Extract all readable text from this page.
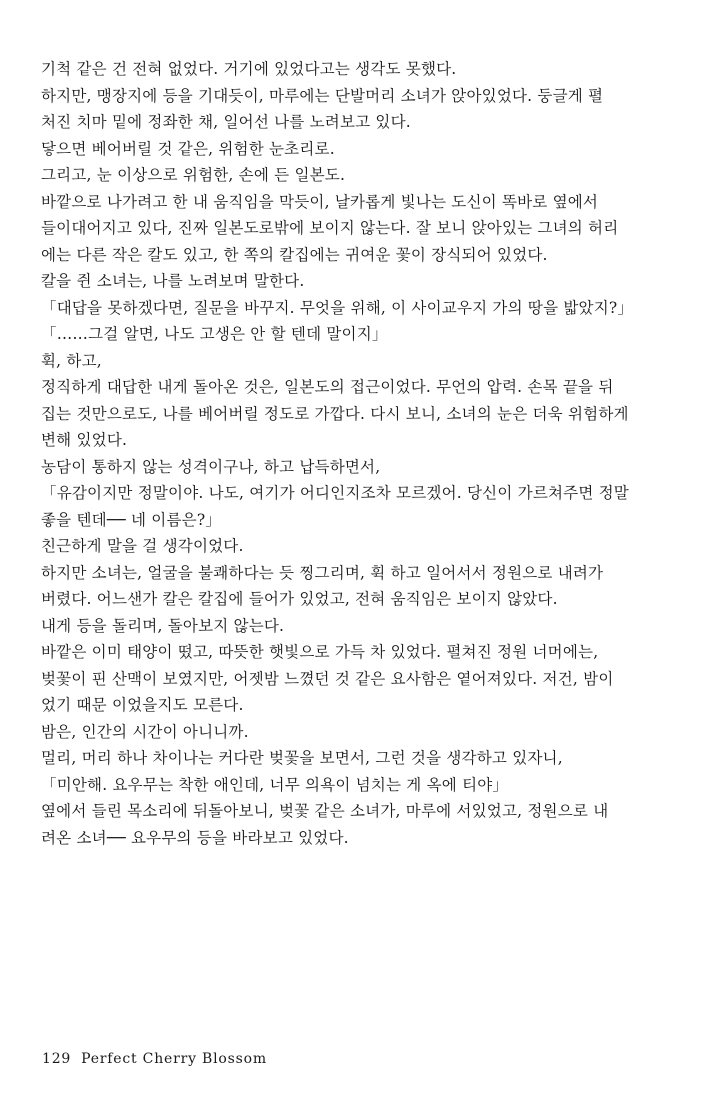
기척 같은 건 전혀 없었다. 거기에 있었다고는 생각도 못했다.
하지만, 맹장지에 등을 기대듯이, 마루에는 단발머리 소녀가 앉아있었다. 둥글게 펼
처진 치마 밑에 정좌한 채, 일어선 나를 노려보고 있다.
닿으면 베어버릴 것 같은, 위험한 눈초리로.
그리고, 눈 이상으로 위험한, 손에 든 일본도.
바깥으로 나가려고 한 내 움직임을 막듯이, 날카롭게 빛나는 도신이 똑바로 옆에서
들이대어지고 있다, 진짜 일본도로밖에 보이지 않는다. 잘 보니 앉아있는 그녀의 허리
에는 다른 작은 칼도 있고, 한 쪽의 칼집에는 귀여운 꽃이 장식되어 있었다.
칼을 쥔 소녀는, 나를 노려보며 말한다.
「대답을 못하겠다면, 질문을 바꾸지. 무엇을 위해, 이 사이교우지 가의 땅을 밟았지?」
「……그걸 알면, 나도 고생은 안 할 텐데 말이지」
휙, 하고,
정직하게 대답한 내게 돌아온 것은, 일본도의 접근이었다. 무언의 압력. 손목 끝을 뒤
집는 것만으로도, 나를 베어버릴 정도로 가깝다. 다시 보니, 소녀의 눈은 더욱 위험하게
변해 있었다.
농담이 통하지 않는 성격이구나, 하고 납득하면서,
「유감이지만 정말이야. 나도, 여기가 어디인지조차 모르겠어. 당신이 가르쳐주면 정말
좋을 텐데── 네 이름은?」
친근하게 말을 걸 생각이었다.
하지만 소녀는, 얼굴을 불쾌하다는 듯 찡그리며, 휙 하고 일어서서 정원으로 내려가
버렸다. 어느샌가 칼은 칼집에 들어가 있었고, 전혀 움직임은 보이지 않았다.
내게 등을 돌리며, 돌아보지 않는다.
바깥은 이미 태양이 떴고, 따뜻한 햇빛으로 가득 차 있었다. 펼쳐진 정원 너머에는,
벚꽃이 핀 산맥이 보였지만, 어젯밤 느꼈던 것 같은 요사함은 옅어져있다. 저건, 밤이
었기 때문 이었을지도 모른다.
밤은, 인간의 시간이 아니니까.
멀리, 머리 하나 차이나는 커다란 벚꽃을 보면서, 그런 것을 생각하고 있자니,
「미안해. 요우무는 착한 애인데, 너무 의욕이 넘치는 게 옥에 티야」
옆에서 들린 목소리에 뒤돌아보니, 벚꽃 같은 소녀가, 마루에 서있었고, 정원으로 내
려온 소녀── 요우무의 등을 바라보고 있었다.
129 Perfect Cherry Blossom
